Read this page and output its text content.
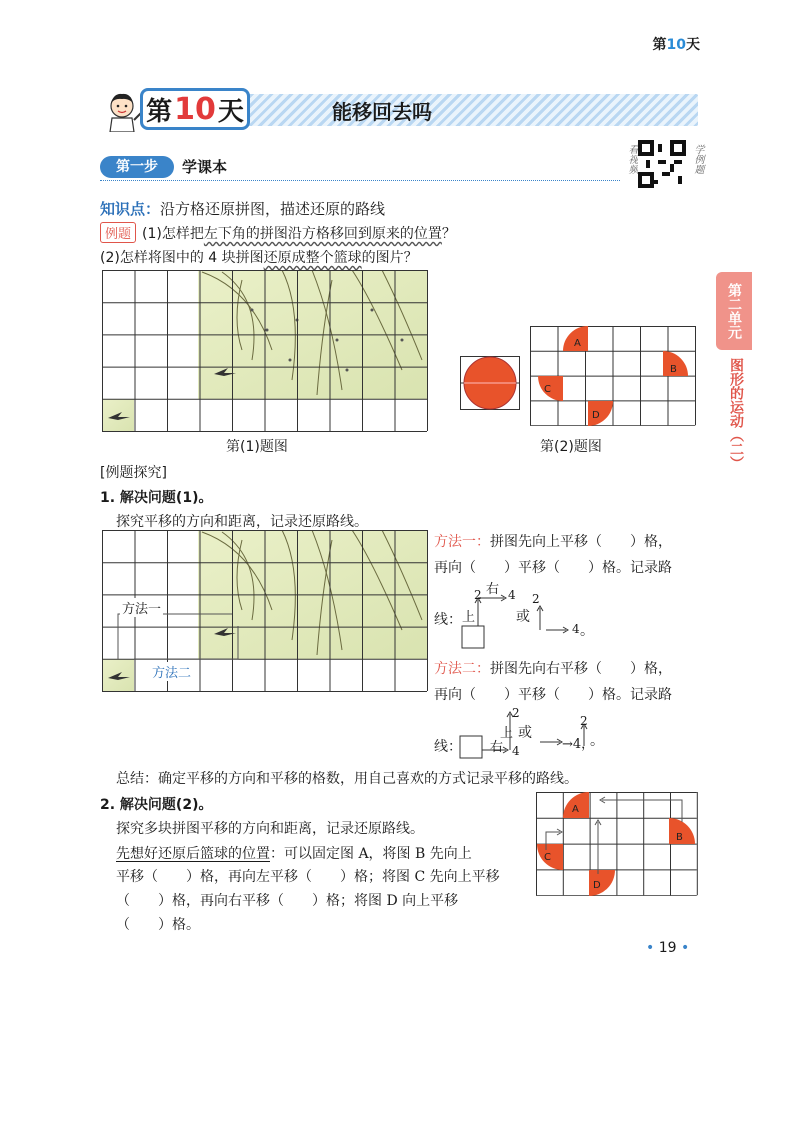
第10天
第 10 天	能移回去吗
第一步	学课本	看视频	学例题
第二单元
图形的运动（二）
知识点：沿方格还原拼图，描述还原的路线
例题 (1)怎样把左下角的拼图沿方格移回到原来的位置？
(2)怎样将图中的 4 块拼图还原成整个篮球的图片？
第(1)题图
A
B
C
D
第(2)题图
[例题探究]
1. 解决问题(1)。
探究平移的方向和距离，记录还原路线。
方法一
方法二
方法一：拼图先向上平移（　　）格，
再向（　　）平移（　　）格。记录路
线： 上
2 右 4
或
2
4 。
方法二：拼图先向右平移（　　）格，
再向（　　）平移（　　）格。记录路
线： 右
上
2
4
或
→4，
2
。
总结：确定平移的方向和平移的格数，用自己喜欢的方式记录平移的路线。
2. 解决问题(2)。
探究多块拼图平移的方向和距离，记录还原路线。
先想好还原后篮球的位置：可以固定图 A，将图 B 先向上
平移（　　）格，再向左平移（　　）格；将图 C 先向上平移
（　　）格，再向右平移（　　）格；将图 D 向上平移
（　　）格。
A
B
C
D
• 19 •
